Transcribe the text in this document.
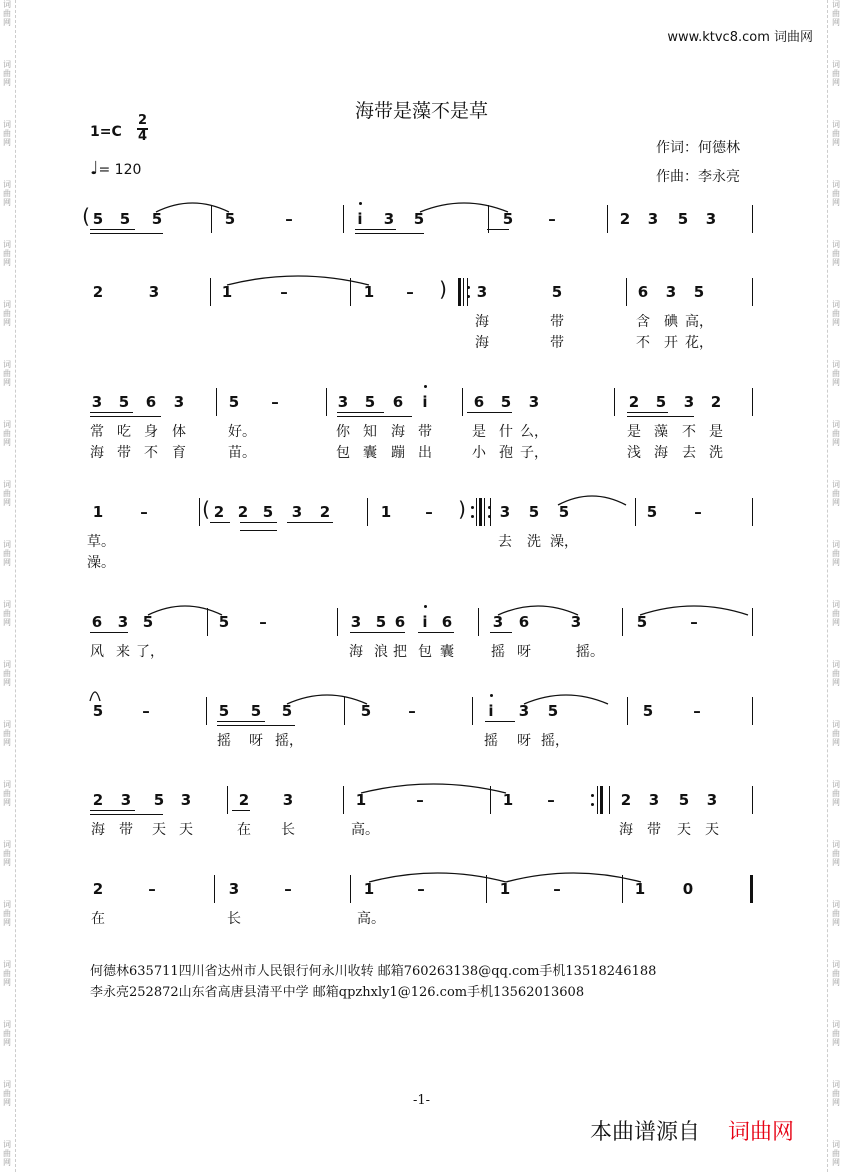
词
曲
网
词
曲
网
词
曲
网
词
曲
网
词
曲
网
词
曲
网
词
曲
网
词
曲
网
词
曲
网
词
曲
网
词
曲
网
词
曲
网
词
曲
网
词
曲
网
词
曲
网
词
曲
网
词
曲
网
词
曲
网
词
曲
网
词
曲
网
词
曲
网
词
曲
网
词
曲
网
词
曲
网
词
曲
网
词
曲
网
词
曲
网
词
曲
网
词
曲
网
词
曲
网
词
曲
网
词
曲
网
词
曲
网
词
曲
网
词
曲
网
词
曲
网
词
曲
网
词
曲
网
词
曲
网
词
曲
网
www.ktvc8.com 词曲网
海带是藻不是草
1=C
2
4
♩= 120
作词：何德林
作曲：李永亮
( 5 5 5	5	–	i 3 5	5 –	2 3 5 3
2	3	1	–	1 – ) 3	5	6 3 5
海	带	含 碘 高，
海	带	不 开 花，
3 5 6 3	5 –	3 5 6 i	6 5 3	2 5 3 2
常 吃 身 体	好。	你 知 海 带	是 什 么，	是 藻 不 是
海 带 不 育	苗。	包 囊 蹦 出	小 孢 子，	浅 海 去 洗
1 –	( 2 2 5 3 2	1 – ) 3 5 5	5 –
草。	去 洗 澡，
澡。
6 3 5	5 –	3 5 6 i 6	3 6	3	5	–
风 来 了，	海 浪 把 包 囊	摇 呀	摇。
5	–	5 5 5	5 –	i 3 5	5	–
摇 呀 摇，	摇 呀 摇，
2 3 5 3	2 3	1	–	1 –	2 3 5 3
海 带 天 天	在 长	高。	海 带 天 天
2	–	3	–	1	–	1	–	1	0
在	长	高。
何德林635711四川省达州市人民银行何永川收转 邮箱760263138@qq.com手机13518246188
李永亮252872山东省高唐县清平中学 邮箱qpzhxly1@126.com手机13562013608
-1-
本曲谱源自 词曲网
